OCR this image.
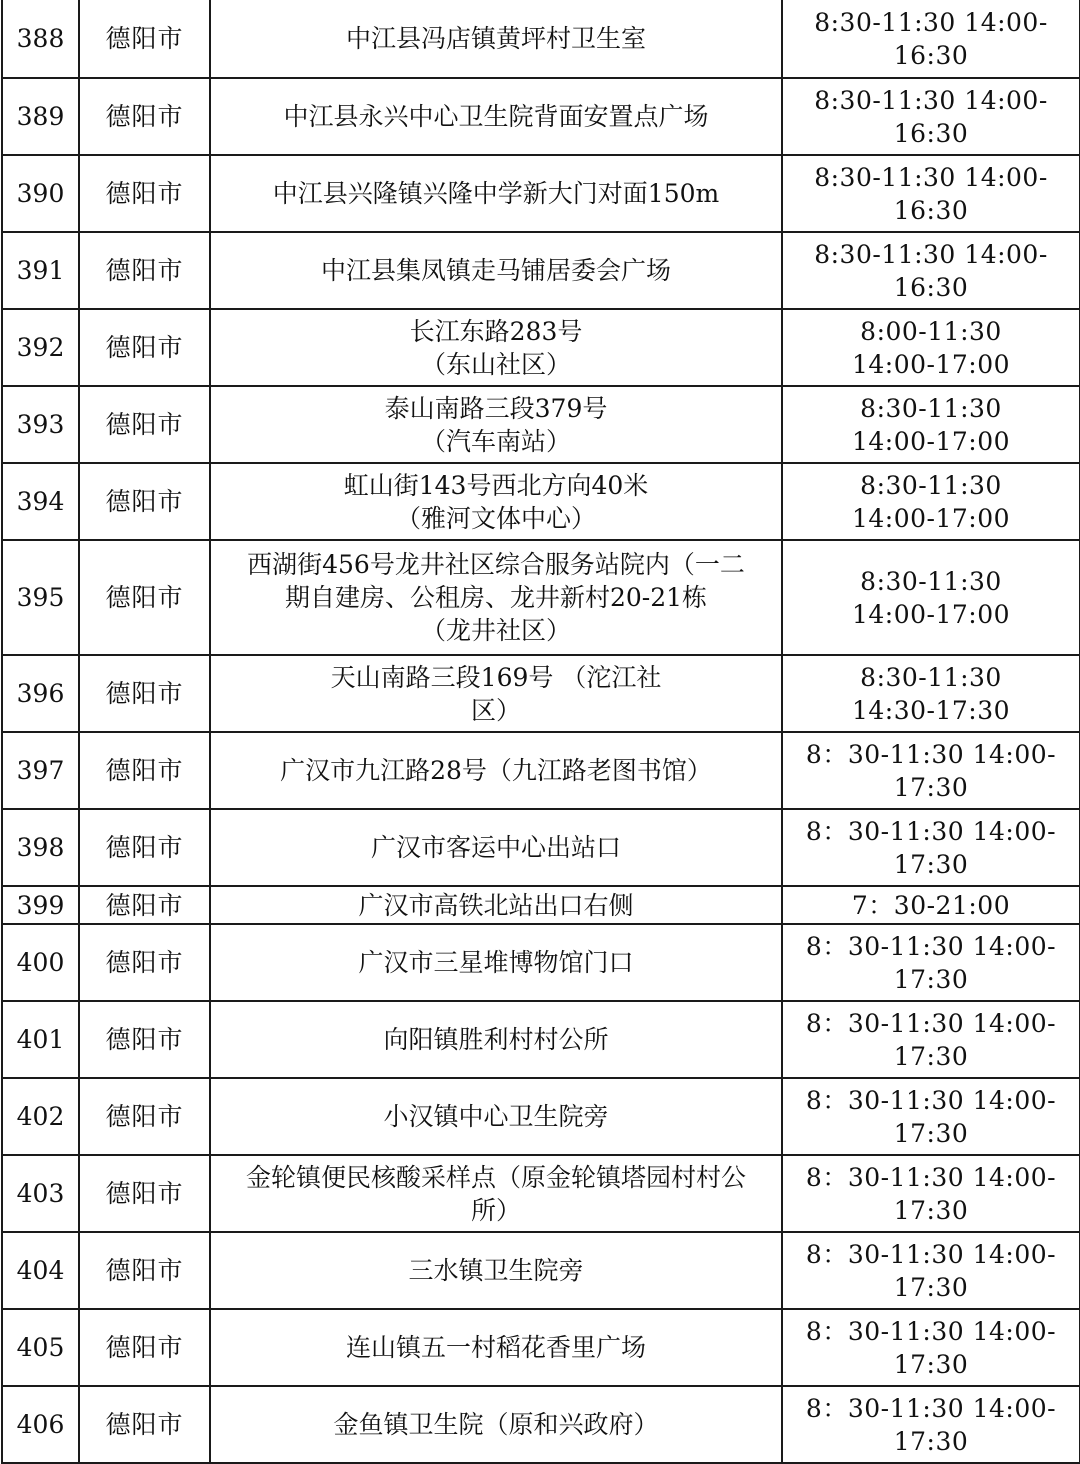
388	德阳市	中江县冯店镇黄坪村卫生室	8:30-11:30 14:00-
16:30
389	德阳市	中江县永兴中心卫生院背面安置点广场	8:30-11:30 14:00-
16:30
390	德阳市	中江县兴隆镇兴隆中学新大门对面150m	8:30-11:30 14:00-
16:30
391	德阳市	中江县集凤镇走马铺居委会广场	8:30-11:30 14:00-
16:30
392	德阳市	长江东路283号
（东山社区）	8:00-11:30
14:00-17:00
393	德阳市	泰山南路三段379号
（汽车南站）	8:30-11:30
14:00-17:00
394	德阳市	虹山街143号西北方向40米
（雅河文体中心）	8:30-11:30
14:00-17:00
395	德阳市	西湖街456号龙井社区综合服务站院内（一二
期自建房、公租房、龙井新村20-21栋
（龙井社区）	8:30-11:30
14:00-17:00
396	德阳市	天山南路三段169号 （沱江社
区）	8:30-11:30
14:30-17:30
397	德阳市	广汉市九江路28号（九江路老图书馆）	8：30-11:30 14:00-
17:30
398	德阳市	广汉市客运中心出站口	8：30-11:30 14:00-
17:30
399	德阳市	广汉市高铁北站出口右侧	7：30-21:00
400	德阳市	广汉市三星堆博物馆门口	8：30-11:30 14:00-
17:30
401	德阳市	向阳镇胜利村村公所	8：30-11:30 14:00-
17:30
402	德阳市	小汉镇中心卫生院旁	8：30-11:30 14:00-
17:30
403	德阳市	金轮镇便民核酸采样点（原金轮镇塔园村村公
所）	8：30-11:30 14:00-
17:30
404	德阳市	三水镇卫生院旁	8：30-11:30 14:00-
17:30
405	德阳市	连山镇五一村稻花香里广场	8：30-11:30 14:00-
17:30
406	德阳市	金鱼镇卫生院（原和兴政府）	8：30-11:30 14:00-
17:30
